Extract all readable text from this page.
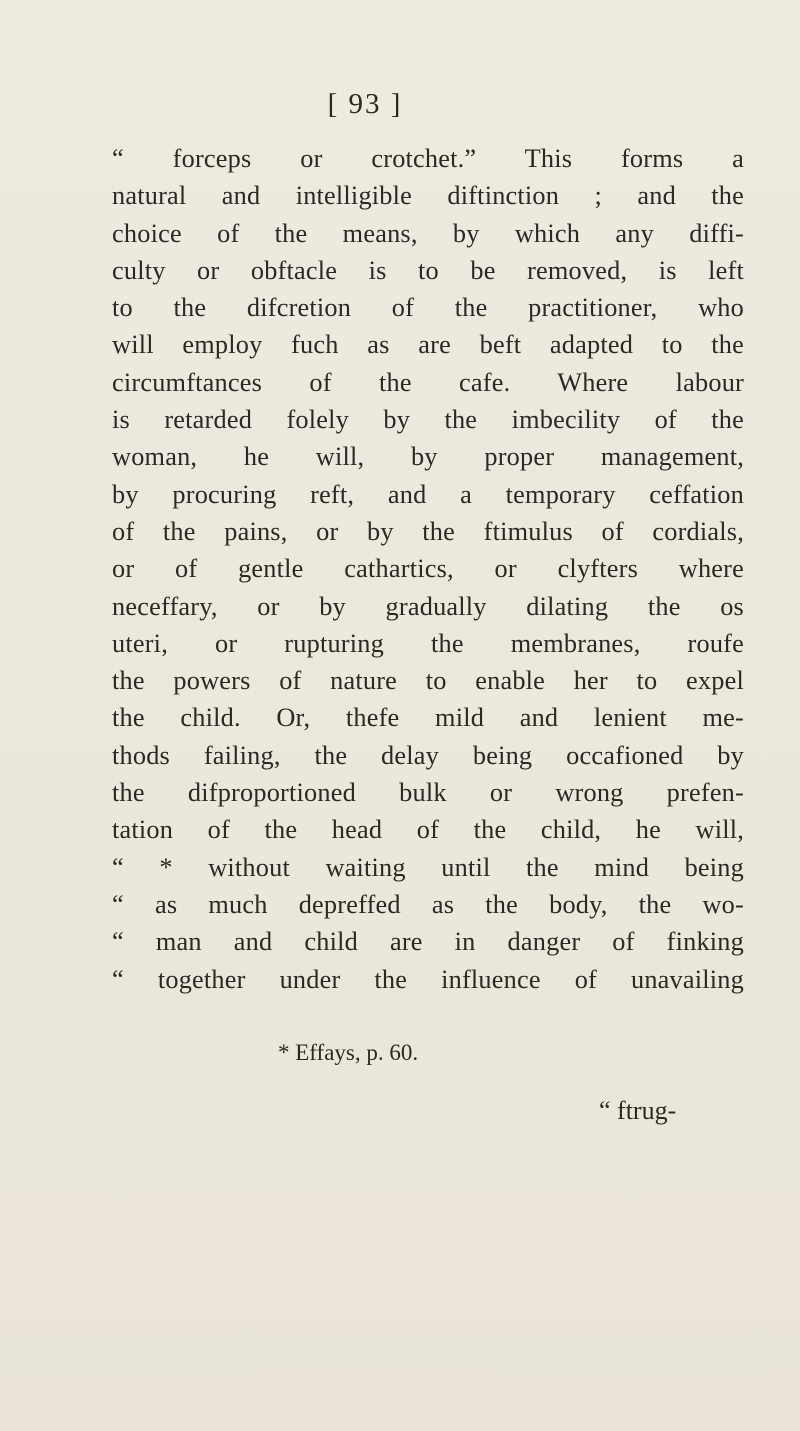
[ 93 ]
“ forceps or crotchet.” This forms a
natural and intelligible diftinction ; and the
choice of the means, by which any diffi-
culty or obftacle is to be removed, is left
to the difcretion of the practitioner, who
will employ fuch as are beft adapted to the
circumftances of the cafe. Where labour
is retarded folely by the imbecility of the
woman, he will, by proper management,
by procuring reft, and a temporary ceffation
of the pains, or by the ftimulus of cordials,
or of gentle cathartics, or clyfters where
neceffary, or by gradually dilating the os
uteri, or rupturing the membranes, roufe
the powers of nature to enable her to expel
the child. Or, thefe mild and lenient me-
thods failing, the delay being occafioned by
the difproportioned bulk or wrong prefen-
tation of the head of the child, he will,
“ * without waiting until the mind being
“ as much depreffed as the body, the wo-
“ man and child are in danger of finking
“ together under the influence of unavailing
* Effays, p. 60.
“ ftrug-
